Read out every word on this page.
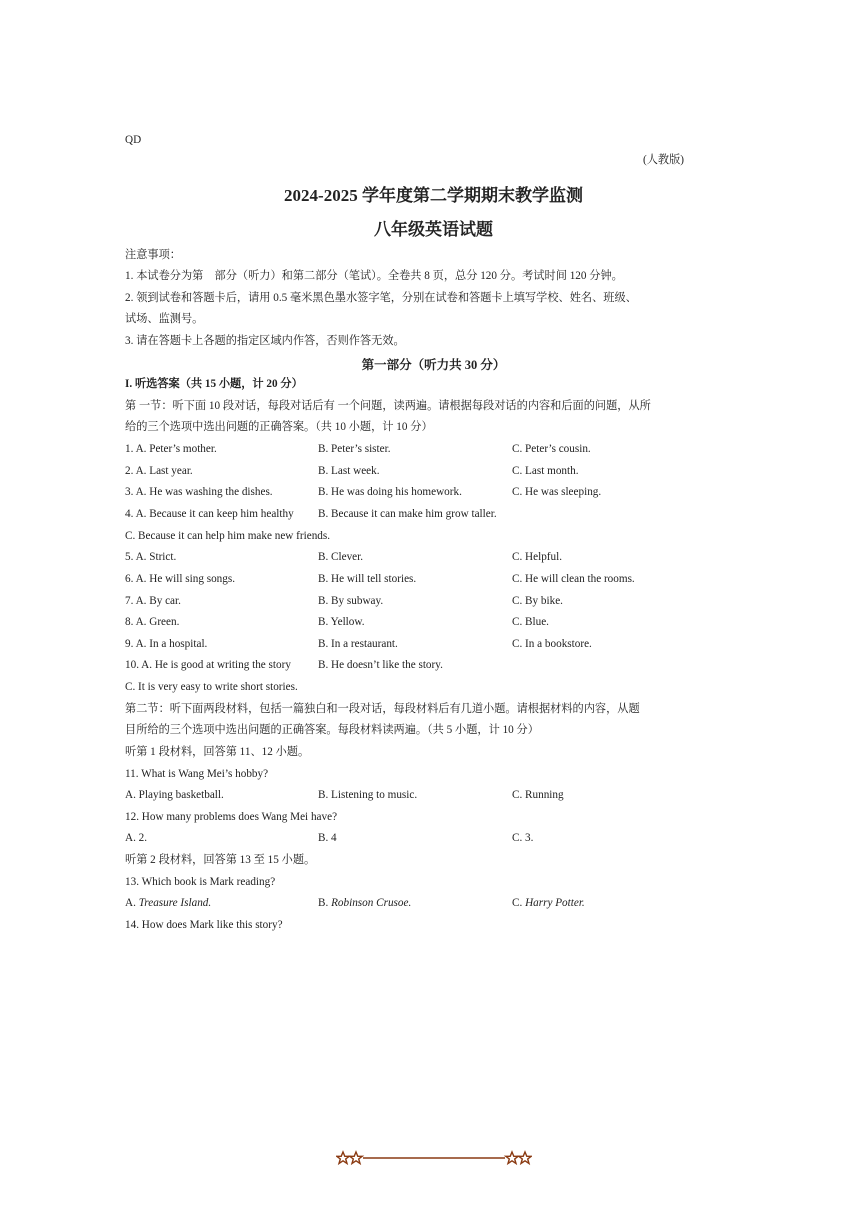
QD
(人教版)
2024-2025 学年度第二学期期末教学监测
八年级英语试题
注意事项：
1. 本试卷分为第　部分（听力）和第二部分（笔试）。全卷共 8 页，总分 120 分。考试时间 120 分钟。
2. 领到试卷和答题卡后，请用 0.5 毫米黑色墨水签字笔，分别在试卷和答题卡上填写学校、姓名、班级、
试场、监测号。
3. 请在答题卡上各题的指定区域内作答，否则作答无效。
第一部分（听力共 30 分）
I. 听选答案（共 15 小题，计 20 分）
第 一节：听下面 10 段对话，每段对话后有 一个问题，读两遍。请根据每段对话的内容和后面的问题，从所
给的三个选项中选出问题的正确答案。（共 10 小题，计 10 分）
1. A. Peter’s mother.	B. Peter’s sister.	C. Peter’s cousin.
2. A. Last year.	B. Last week.	C. Last month.
3. A. He was washing the dishes.	B. He was doing his homework.	C. He was sleeping.
4. A. Because it can keep him healthy B. Because it can make him grow taller.
C. Because it can help him make new friends.
5. A. Strict.	B. Clever.	C. Helpful.
6. A. He will sing songs.	B. He will tell stories.	C. He will clean the rooms.
7. A. By car.	B. By subway.	C. By bike.
8. A. Green.	B. Yellow.	C. Blue.
9. A. In a hospital.	B. In a restaurant.	C. In a bookstore.
10. A. He is good at writing the story B. He doesn’t like the story.
C. It is very easy to write short stories.
第二节：听下面两段材料，包括一篇独白和一段对话，每段材料后有几道小题。请根据材料的内容，从题
目所给的三个选项中选出问题的正确答案。每段材料读两遍。（共 5 小题，计 10 分）
听第 1 段材料，回答第 11、12 小题。
11. What is Wang Mei’s hobby?
A. Playing basketball.	B. Listening to music.	C. Running
12. How many problems does Wang Mei have?
A. 2.	B. 4	C. 3.
听第 2 段材料，回答第 13 至 15 小题。
13. Which book is Mark reading?
A. Treasure Island.	B. Robinson Crusoe.	C. Harry Potter.
14. How does Mark like this story?
